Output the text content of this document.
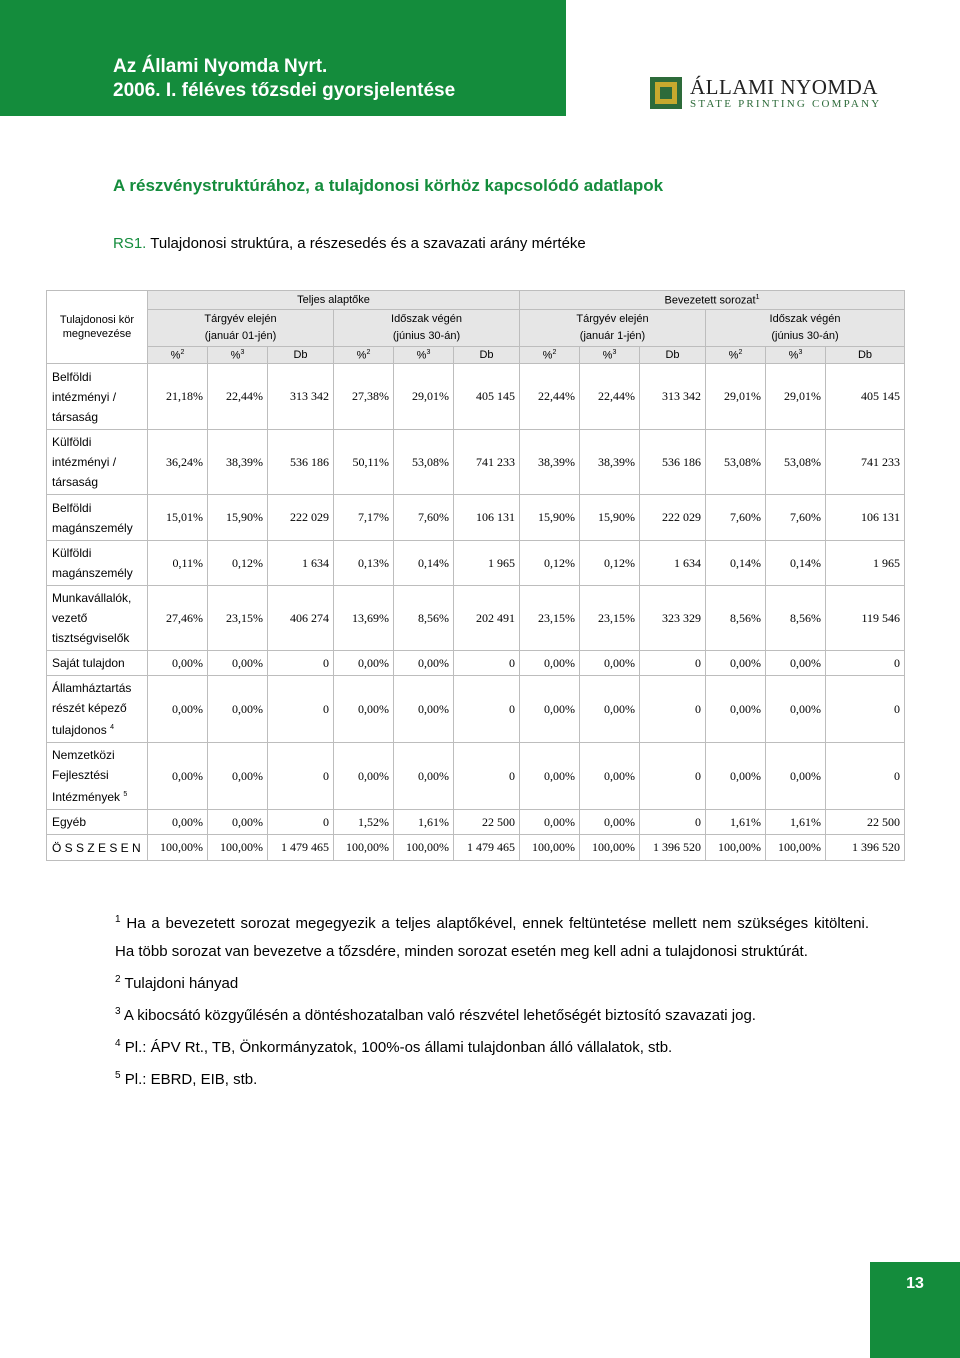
Az Állami Nyomda Nyrt.
2006. I. féléves tőzsdei gyorsjelentése	ÁLLAMI NYOMDA
STATE PRINTING COMPANY
A részvénystruktúrához, a tulajdonosi körhöz kapcsolódó adatlapok
RS1. Tulajdonosi struktúra, a részesedés és a szavazati arány mértéke
Tulajdonosi kör megnevezése	Teljes alaptőke						Bevezetett sorozat$^1$
	Tárgyév elején
(január 01-jén)			Időszak végén
(június 30-án)			Tárgyév elején
(január 1-jén)			Időszak végén
(június 30-án)		
	%$^2$	%$^3$	Db	%$^2$	%$^3$	Db	%$^2$	%$^3$	Db	%$^2$	%$^3$	Db
Belföldi
intézményi /
társaság	21,18%	22,44%	313 342	27,38%	29,01%	405 145	22,44%	22,44%	313 342	29,01%	29,01%	405 145
Külföldi
intézményi /
társaság	36,24%	38,39%	536 186	50,11%	53,08%	741 233	38,39%	38,39%	536 186	53,08%	53,08%	741 233
Belföldi
magánszemély	15,01%	15,90%	222 029	7,17%	7,60%	106 131	15,90%	15,90%	222 029	7,60%	7,60%	106 131
Külföldi
magánszemély	0,11%	0,12%	1 634	0,13%	0,14%	1 965	0,12%	0,12%	1 634	0,14%	0,14%	1 965
Munkavállalók,
vezető
tisztségviselők	27,46%	23,15%	406 274	13,69%	8,56%	202 491	23,15%	23,15%	323 329	8,56%	8,56%	119 546
Saját tulajdon	0,00%	0,00%	0	0,00%	0,00%	0	0,00%	0,00%	0	0,00%	0,00%	0
Államháztartás
részét képező
tulajdonos $^4$	0,00%	0,00%	0	0,00%	0,00%	0	0,00%	0,00%	0	0,00%	0,00%	0
Nemzetközi
Fejlesztési
Intézmények $^5$	0,00%	0,00%	0	0,00%	0,00%	0	0,00%	0,00%	0	0,00%	0,00%	0
Egyéb	0,00%	0,00%	0	1,52%	1,61%	22 500	0,00%	0,00%	0	1,61%	1,61%	22 500
Ö S S Z E S E N	100,00%	100,00%	1 479 465	100,00%	100,00%	1 479 465	100,00%	100,00%	1 396 520	100,00%	100,00%	1 396 520

$^1$ Ha a bevezetett sorozat megegyezik a teljes alaptőkével, ennek feltüntetése mellett nem szükséges kitölteni. Ha több sorozat van bevezetve a tőzsdére, minden sorozat esetén meg kell adni a tulajdonosi struktúrát.

$^2$ Tulajdoni hányad

$^3$ A kibocsátó közgyűlésén a döntéshozatalban való részvétel lehetőségét biztosító szavazati jog.

$^4$ Pl.: ÁPV Rt., TB, Önkormányzatok, 100%-os állami tulajdonban álló vállalatok, stb.

$^5$ Pl.: EBRD, EIB, stb.

13
